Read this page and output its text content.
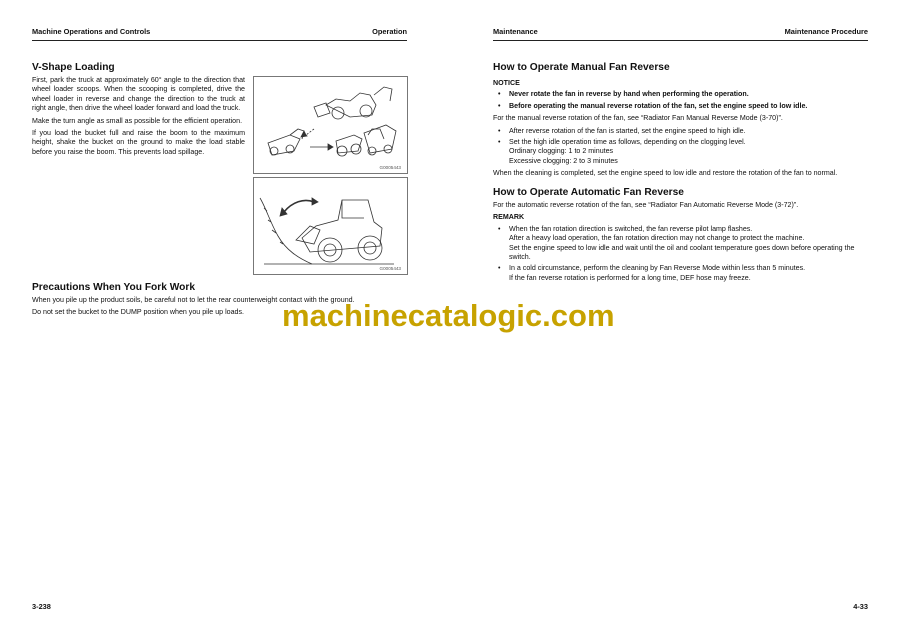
Machine Operations and Controls	Operation
V-Shape Loading

First, park the truck at approximately 60° angle to the direction that wheel loader scoops. When the scooping is completed, drive the wheel loader in reverse and change the direction to the truck at right angle, then drive the wheel loader forward and load the truck.

Make the turn angle as small as possible for the efficient operation.

If you load the bucket full and raise the boom to the maximum height, shake the bucket on the ground to make the load stable before you raise the boom. This prevents load spillage.

G0005443
G0005443
Precautions When You Fork Work

When you pile up the product soils, be careful not to let the rear counterweight contact with the ground.

Do not set the bucket to the DUMP position when you pile up loads.

3-238
Maintenance	Maintenance Procedure
How to Operate Manual Fan Reverse
NOTICE
• Never rotate the fan in reverse by hand when performing the operation.
• Before operating the manual reverse rotation of the fan, set the engine speed to low idle.

For the manual reverse rotation of the fan, see “Radiator Fan Manual Reverse Mode (3-70)”.

• After reverse rotation of the fan is started, set the engine speed to high idle.
• Set the high idle operation time as follows, depending on the clogging level.
Ordinary clogging: 1 to 2 minutes
Excessive clogging: 2 to 3 minutes

When the cleaning is completed, set the engine speed to low idle and restore the rotation of the fan to normal.

How to Operate Automatic Fan Reverse

For the automatic reverse rotation of the fan, see “Radiator Fan Automatic Reverse Mode (3-72)”.

REMARK
• When the fan rotation direction is switched, the fan reverse pilot lamp flashes.
After a heavy load operation, the fan rotation direction may not change to protect the machine.
Set the engine speed to low idle and wait until the oil and coolant temperature goes down before operating the switch.
• In a cold circumstance, perform the cleaning by Fan Reverse Mode within less than 5 minutes.
If the fan reverse rotation is performed for a long time, DEF hose may freeze.
4-33
machinecatalogic.com
